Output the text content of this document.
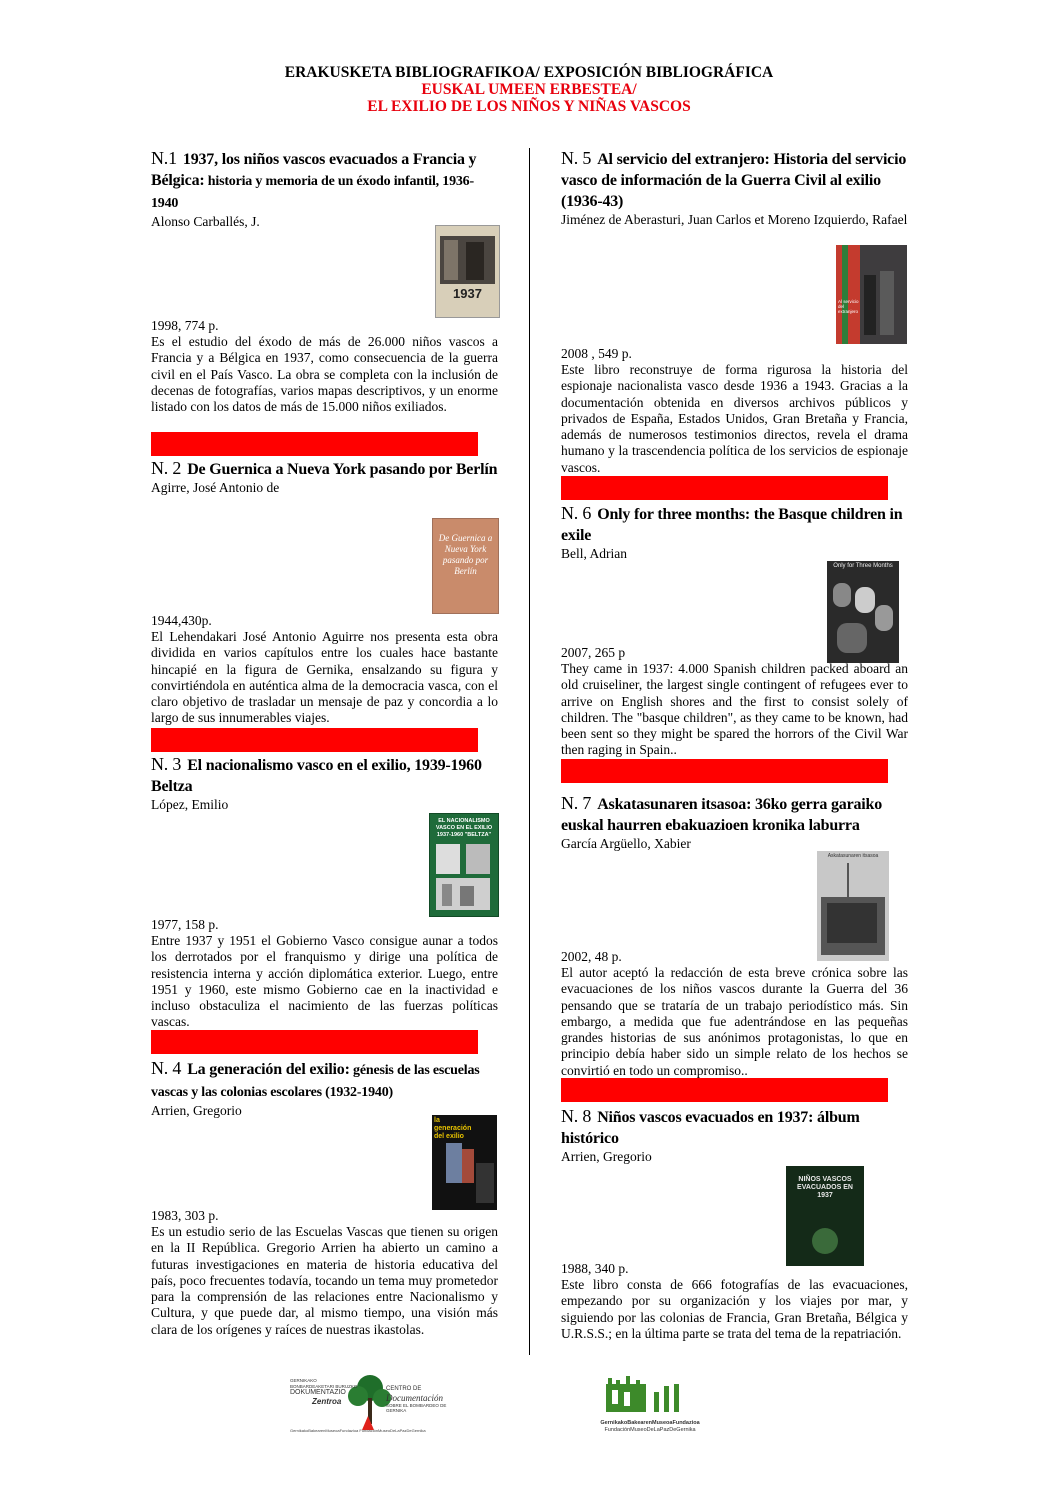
ERAKUSKETA BIBLIOGRAFIKOA/ EXPOSICIÓN BIBLIOGRÁFICA
EUSKAL UMEEN ERBESTEA/
EL EXILIO DE LOS NIÑOS Y NIÑAS VASCOS
N.1 1937, los niños vascos evacuados a Francia y Bélgica: historia y memoria de un éxodo infantil, 1936-1940
Alonso Carballés, J.
1937
1998, 774 p.
Es el estudio del éxodo de más de 26.000 niños vascos a Francia y a Bélgica en 1937, como consecuencia de la guerra civil en el País Vasco. La obra se completa con la inclusión de decenas de fotografías, varios mapas descriptivos, y un enorme listado con los datos de más de 15.000 niños exiliados.
N. 2 De Guernica a Nueva York pasando por Berlín
Agirre, José Antonio de
De Guernica a Nueva York pasando por Berlín
1944,430p.
El Lehendakari José Antonio Aguirre nos presenta esta obra dividida en varios capítulos entre los cuales hace bastante hincapié en la figura de Gernika, ensalzando su figura y convirtiéndola en auténtica alma de la democracia vasca, con el claro objetivo de trasladar un mensaje de paz y concordia a lo largo de sus innumerables viajes.
N. 3 El nacionalismo vasco en el exilio, 1939-1960 Beltza
López, Emilio
EL NACIONALISMO VASCO EN EL EXILIO 1937-1960 "BELTZA"
1977, 158 p.
Entre 1937 y 1951 el Gobierno Vasco consigue aunar a todos los derrotados por el franquismo y dirige una política de resistencia interna y acción diplomática exterior. Luego, entre 1951 y 1960, este mismo Gobierno cae en la inactividad e incluso obstaculiza el nacimiento de las fuerzas políticas vascas.
N. 4 La generación del exilio: génesis de las escuelas vascas y las colonias escolares (1932-1940)
Arrien, Gregorio
la generación del exilio
1983, 303 p.
Es un estudio serio de las Escuelas Vascas que tienen su origen en la II República. Gregorio Arrien ha abierto un camino a futuras investigaciones en materia de historia educativa del país, poco frecuentes todavía, tocando un tema muy prometedor para la comprensión de las relaciones entre Nacionalismo y Cultura, y que puede dar, al mismo tiempo, una visión más clara de los orígenes y raíces de nuestras ikastolas.
N. 5 Al servicio del extranjero: Historia del servicio vasco de información de la Guerra Civil al exilio (1936-43)
Jiménez de Aberasturi, Juan Carlos et Moreno Izquierdo, Rafael
Al servicio del extranjero
2008 , 549 p.
Este libro reconstruye de forma rigurosa la historia del espionaje nacionalista vasco desde 1936 a 1943. Gracias a la documentación obtenida en diversos archivos públicos y privados de España, Estados Unidos, Gran Bretaña y Francia, además de numerosos testimonios directos, revela el drama humano y la trascendencia política de los servicios de espionaje vascos.
N. 6 Only for three months: the Basque children in exile
Bell, Adrian
Only for Three Months
2007, 265 p
They came in 1937: 4.000 Spanish children packed aboard an old cruiseliner, the largest single contingent of refugees ever to arrive on English shores and the first to consist solely of children. The "basque children", as they came to be known, had been sent so they might be spared the horrors of the Civil War then raging in Spain..
N. 7 Askatasunaren itsasoa: 36ko gerra garaiko euskal haurren ebakuazioen kronika laburra
García Argüello, Xabier
Askatasunaren itsasoa
2002, 48 p.
El autor aceptó la redacción de esta breve crónica sobre las evacuaciones de los niños vascos durante la Guerra del 36 pensando que se trataría de un trabajo periodístico más. Sin embargo, a medida que fue adentrándose en las pequeñas grandes historias de sus anónimos protagonistas, lo que en principio debía haber sido un simple relato de los hechos se convirtió en todo un compromiso..
N. 8 Niños vascos evacuados en 1937: álbum histórico
Arrien, Gregorio
NIÑOS VASCOS EVACUADOS EN 1937
1988, 340 p.
Este libro consta de 666 fotografías de las evacuaciones, empezando por su organización y los viajes por mar, y siguiendo por las colonias de Francia, Gran Bretaña, Bélgica y U.R.S.S.; en la última parte se trata del tema de la repatriación.
GERNIKAKO
BONBARDEAKETARI BURUZKO
DOKUMENTAZIO
Zentroa
CENTRO DE
Documentación
SOBRE EL BOMBARDEO DE GERNIKA
GernikakoBakearenMuseoaFundazioa FundaciónMuseoDeLaPazDeGernika
GernikakoBakearenMuseoaFundazioa
FundaciónMuseoDeLaPazDeGernika
